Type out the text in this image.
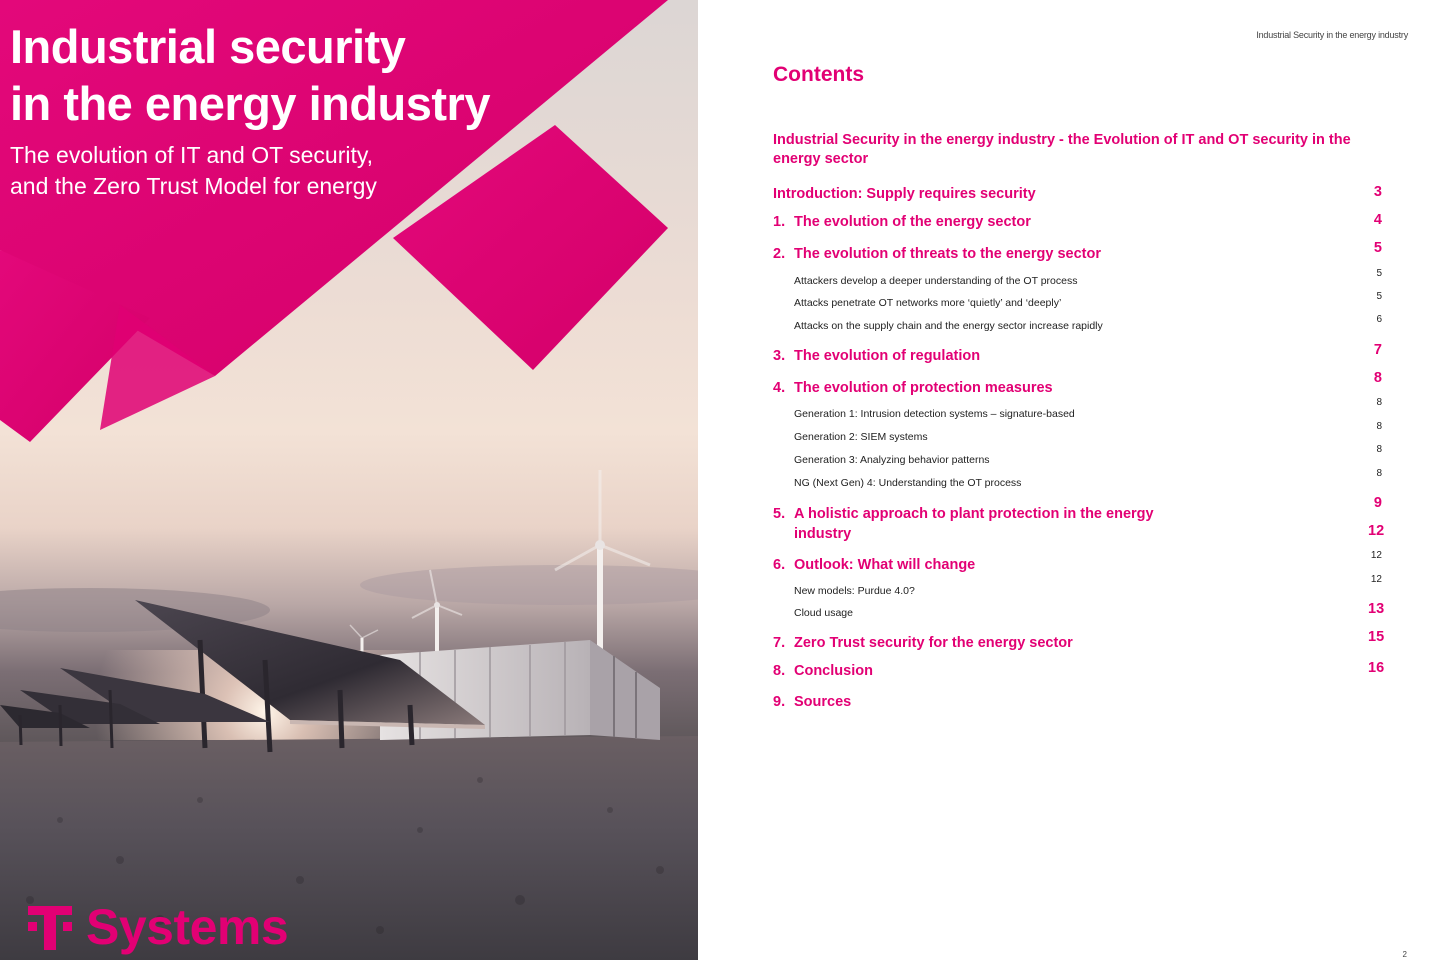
Industrial security
in the energy industry

The evolution of IT and OT security,
and the Zero Trust Model for energy

Systems
Industrial Security in the energy industry
Contents
Industrial Security in the energy industry - the Evolution of IT and OT security in the energy sector
Introduction: Supply requires security
1. The evolution of the energy sector
2. The evolution of threats to the energy sector
Attackers develop a deeper understanding of the OT process
Attacks penetrate OT networks more ‘quietly’ and ‘deeply’
Attacks on the supply chain and the energy sector increase rapidly
3. The evolution of regulation
4. The evolution of protection measures
Generation 1: Intrusion detection systems – signature-based
Generation 2: SIEM systems
Generation 3: Analyzing behavior patterns
NG (Next Gen) 4: Understanding the OT process
5. A holistic approach to plant protection in the energy industry
6. Outlook: What will change
New models: Purdue 4.0?
Cloud usage
7. Zero Trust security for the energy sector
8. Conclusion
9. Sources
2
3
4
5
5
5
6
7
8
8
8
8
8
9
12
12
12
13
15
16
